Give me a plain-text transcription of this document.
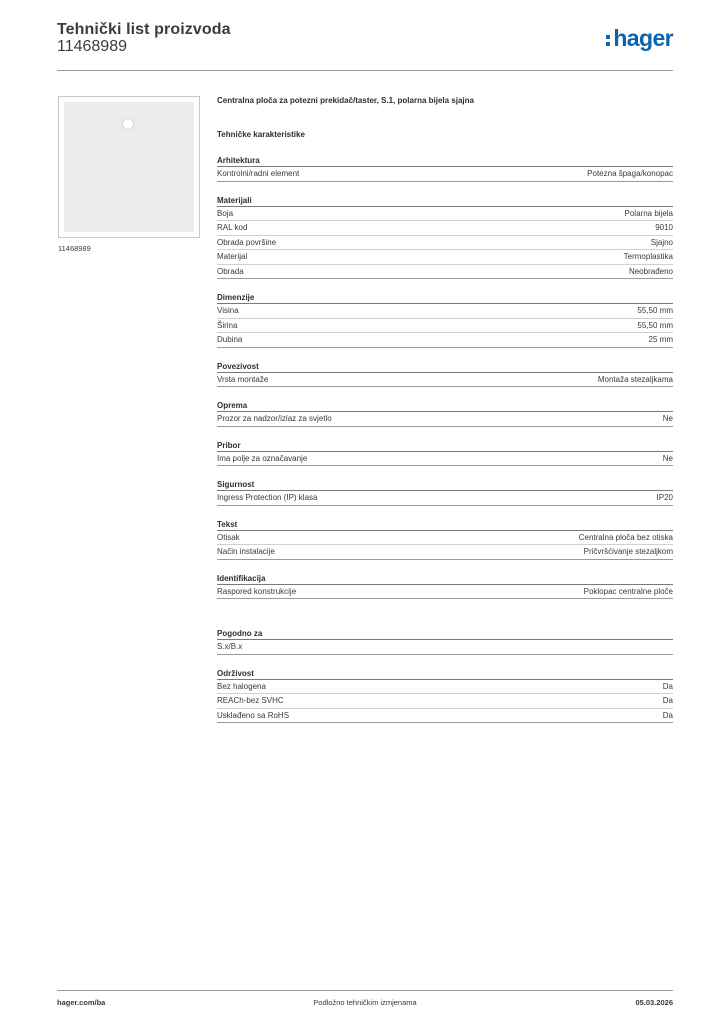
Tehnički list proizvoda
11468989	hager
11468989
Centralna ploča za potezni prekidač/taster, S.1, polarna bijela sjajna
Tehničke karakteristike
Arhitektura
Kontrolni/radni element	Potezna špaga/konopac
Materijali
Boja	Polarna bijela
RAL kod	9010
Obrada površine	Sjajno
Materijal	Termoplastika
Obrada	Neobrađeno
Dimenzije
Visina	55,50 mm
Širina	55,50 mm
Dubina	25 mm
Povezivost
Vrsta montaže	Montaža stezaljkama
Oprema
Prozor za nadzor/izlaz za svjetlo	Ne
Pribor
Ima polje za označavanje	Ne
Sigurnost
Ingress Protection (IP) klasa	IP20
Tekst
Otisak	Centralna ploča bez otiska
Način instalacije	Pričvršćivanje stezaljkom
Identifikacija
Raspored konstrukcije	Poklopac centralne ploče
Pogodno za
S.x/B.x
Održivost
Bez halogena	Da
REACh-bez SVHC	Da
Usklađeno sa RoHS	Da
hager.com/ba	Podložno tehničkim izmjenama	05.03.2026
